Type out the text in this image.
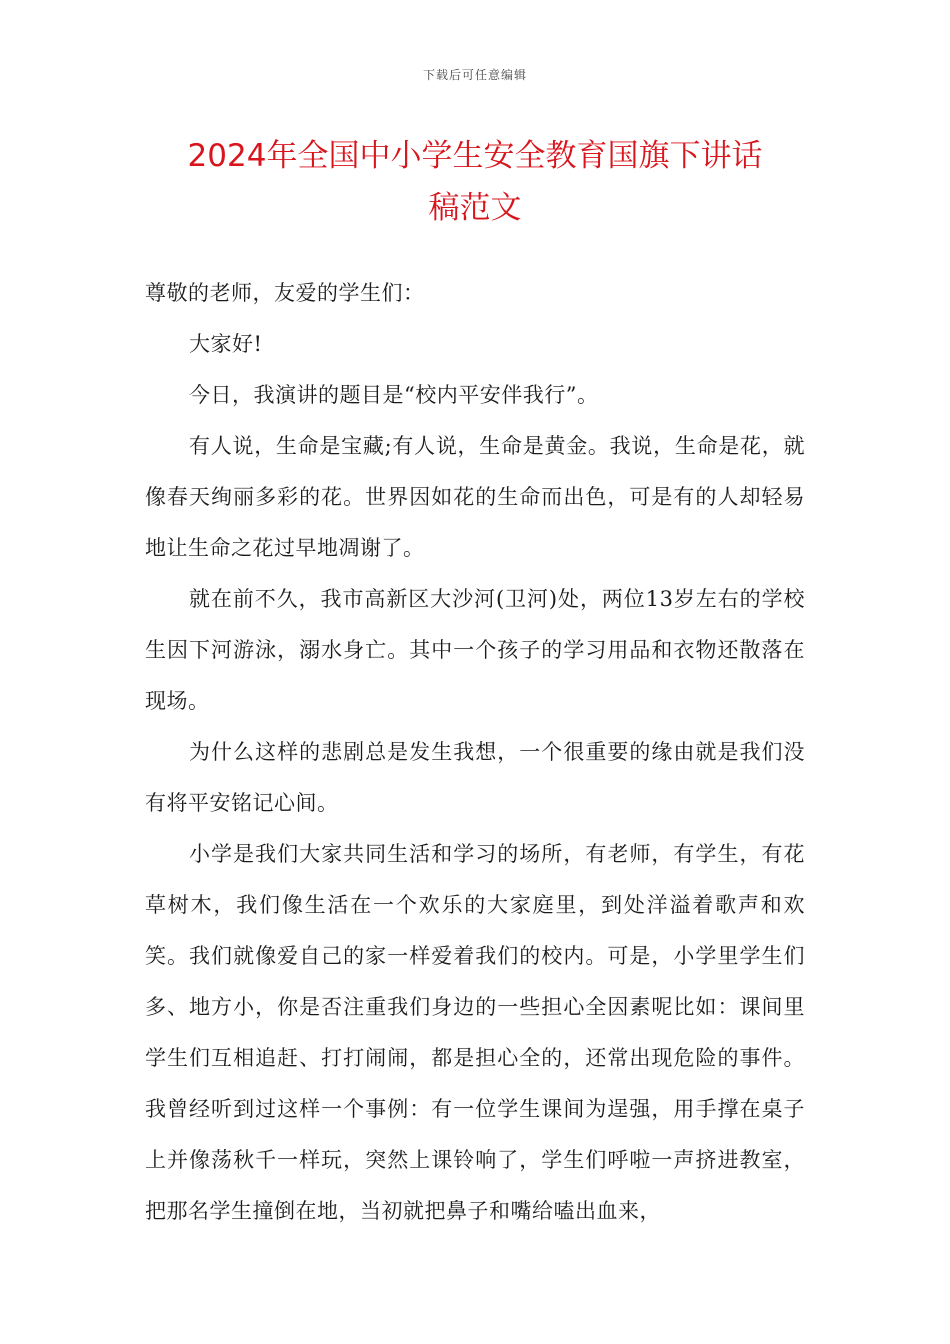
下载后可任意编辑
2024年全国中小学生安全教育国旗下讲话
稿范文

尊敬的老师，友爱的学生们：

大家好!

今日，我演讲的题目是“校内平安伴我行”。

有人说，生命是宝藏;有人说，生命是黄金。我说，生命是花，就像春天绚丽多彩的花。世界因如花的生命而出色，可是有的人却轻易地让生命之花过早地凋谢了。

就在前不久，我市高新区大沙河(卫河)处，两位13岁左右的学校生因下河游泳，溺水身亡。其中一个孩子的学习用品和衣物还散落在现场。

为什么这样的悲剧总是发生我想，一个很重要的缘由就是我们没有将平安铭记心间。

小学是我们大家共同生活和学习的场所，有老师，有学生，有花草树木，我们像生活在一个欢乐的大家庭里，到处洋溢着歌声和欢笑。我们就像爱自己的家一样爱着我们的校内。可是，小学里学生们多、地方小，你是否注重我们身边的一些担心全因素呢比如：课间里学生们互相追赶、打打闹闹，都是担心全的，还常出现危险的事件。我曾经听到过这样一个事例：有一位学生课间为逞强，用手撑在桌子上并像荡秋千一样玩，突然上课铃响了，学生们呼啦一声挤进教室，把那名学生撞倒在地，当初就把鼻子和嘴给嗑出血来，
